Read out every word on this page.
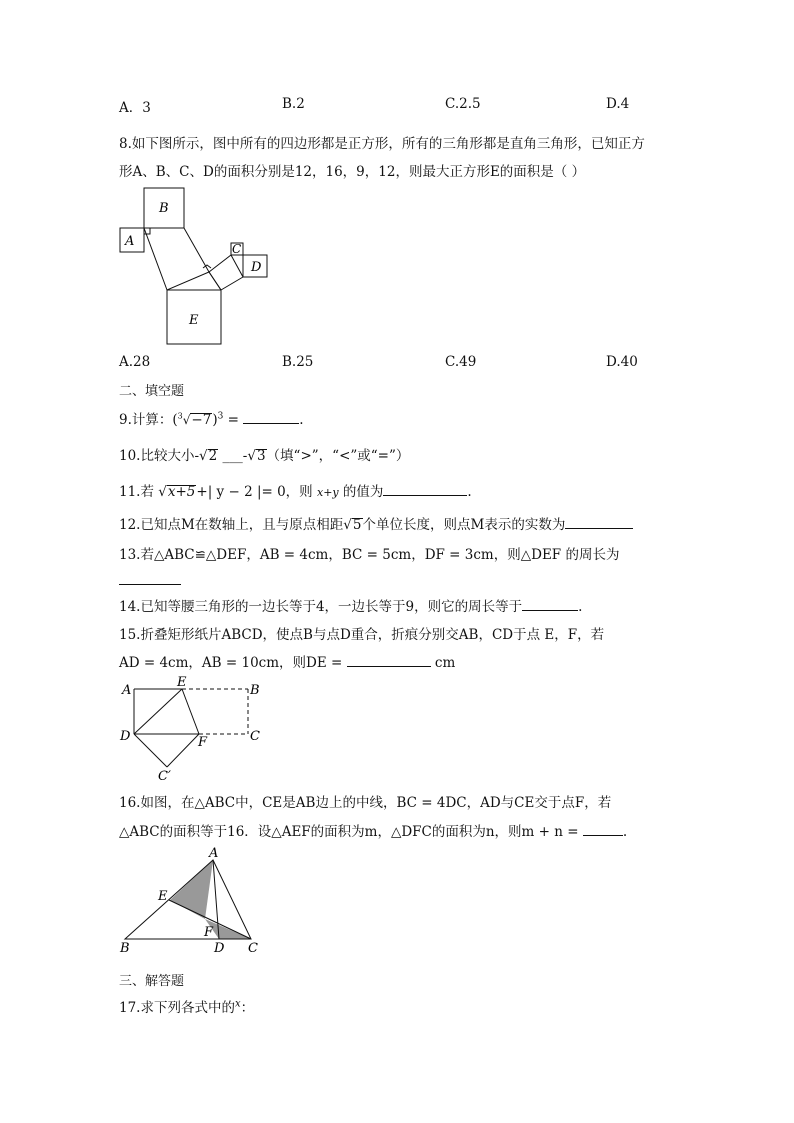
A．3	B.2	C.2.5	D.4
8.如下图所示，图中所有的四边形都是正方形，所有的三角形都是直角三角形，已知正方
形A、B、C、D的面积分别是12，16，9，12，则最大正方形E的面积是（ ）
B
A	C
D
E
A.28	B.25	C.49	D.40
二、填空题
9.计算：$(^3√-7)^3$ =	.
10.比较大小-√2 ___-√3（填“>”，“<”或“=”）
11.若 √x+5+| y − 2 |= 0，则 x+y 的值为	.
12.已知点M在数轴上，且与原点相距√5个单位长度，则点M表示的实数为
13.若△ABC≌△DEF，AB = 4cm，BC = 5cm，DF = 3cm，则△DEF 的周长为
14.已知等腰三角形的一边长等于4，一边长等于9，则它的周长等于	.
15.折叠矩形纸片ABCD，使点B与点D重合，折痕分别交AB，CD于点 E，F，若
AD = 4cm，AB = 10cm，则DE =	cm
A
E
B
D	F	C
C′
16.如图，在△ABC中，CE是AB边上的中线，BC = 4DC，AD与CE交于点F，若
△ABC的面积等于16．设△AEF的面积为m，△DFC的面积为n，则m + n =	.
A
E
F
B	D C
三、解答题
17.求下列各式中的$^x$：
